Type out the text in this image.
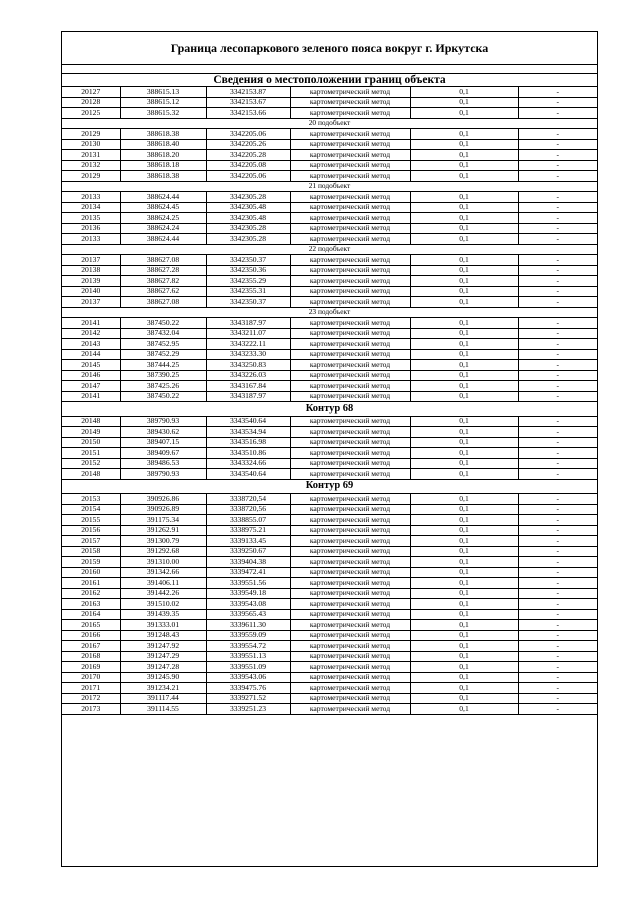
Граница лесопаркового зеленого пояса вокруг г. Иркутска
Сведения о местоположении границ объекта
20127	388615.13	3342153.87	картометрический метод	0,1	-
20128	388615.12	3342153.67	картометрический метод	0,1	-
20125	388615.32	3342153.66	картометрический метод	0,1	-
20 подобъект					
20129	388618.38	3342205.06	картометрический метод	0,1	-
20130	388618.40	3342205.26	картометрический метод	0,1	-
20131	388618.20	3342205.28	картометрический метод	0,1	-
20132	388618.18	3342205.08	картометрический метод	0,1	-
20129	388618.38	3342205.06	картометрический метод	0,1	-
21 подобъект					
20133	388624.44	3342305.28	картометрический метод	0,1	-
20134	388624.45	3342305.48	картометрический метод	0,1	-
20135	388624.25	3342305.48	картометрический метод	0,1	-
20136	388624.24	3342305.28	картометрический метод	0,1	-
20133	388624.44	3342305.28	картометрический метод	0,1	-
22 подобъект					
20137	388627.08	3342350.37	картометрический метод	0,1	-
20138	388627.28	3342350.36	картометрический метод	0,1	-
20139	388627.82	3342355.29	картометрический метод	0,1	-
20140	388627.62	3342355.31	картометрический метод	0,1	-
20137	388627.08	3342350.37	картометрический метод	0,1	-
23 подобъект					
20141	387450.22	3343187.97	картометрический метод	0,1	-
20142	387432.04	3343211.07	картометрический метод	0,1	-
20143	387452.95	3343222.11	картометрический метод	0,1	-
20144	387452.29	3343233.30	картометрический метод	0,1	-
20145	387444.25	3343250.83	картометрический метод	0,1	-
20146	387390.25	3343226.03	картометрический метод	0,1	-
20147	387425.26	3343167.84	картометрический метод	0,1	-
20141	387450.22	3343187.97	картометрический метод	0,1	-
Контур 68					
20148	389790.93	3343540.64	картометрический метод	0,1	-
20149	389430.62	3343534.94	картометрический метод	0,1	-
20150	389407.15	3343516.98	картометрический метод	0,1	-
20151	389409.67	3343510.86	картометрический метод	0,1	-
20152	389486.53	3343324.66	картометрический метод	0,1	-
20148	389790.93	3343540.64	картометрический метод	0,1	-
Контур 69					
20153	390926.86	3338720,54	картометрический метод	0,1	-
20154	390926.89	3338720,56	картометрический метод	0,1	-
20155	391175.34	3338855.07	картометрический метод	0,1	-
20156	391262.91	3338975.21	картометрический метод	0,1	-
20157	391300.79	3339133.45	картометрический метод	0,1	-
20158	391292.68	3339250.67	картометрический метод	0,1	-
20159	391310.00	3339404.38	картометрический метод	0,1	-
20160	391342.66	3339472.41	картометрический метод	0,1	-
20161	391406.11	3339551.56	картометрический метод	0,1	-
20162	391442.26	3339549.18	картометрический метод	0,1	-
20163	391510.02	3339543.08	картометрический метод	0,1	-
20164	391439.35	3339565.43	картометрический метод	0,1	-
20165	391333.01	3339611.30	картометрический метод	0,1	-
20166	391248.43	3339559.09	картометрический метод	0,1	-
20167	391247.92	3339554.72	картометрический метод	0,1	-
20168	391247.29	3339551.13	картометрический метод	0,1	-
20169	391247.28	3339551.09	картометрический метод	0,1	-
20170	391245.90	3339543.06	картометрический метод	0,1	-
20171	391234.21	3339475.76	картометрический метод	0,1	-
20172	391117.44	3339271.52	картометрический метод	0,1	-
20173	391114.55	3339251.23	картометрический метод	0,1	-
